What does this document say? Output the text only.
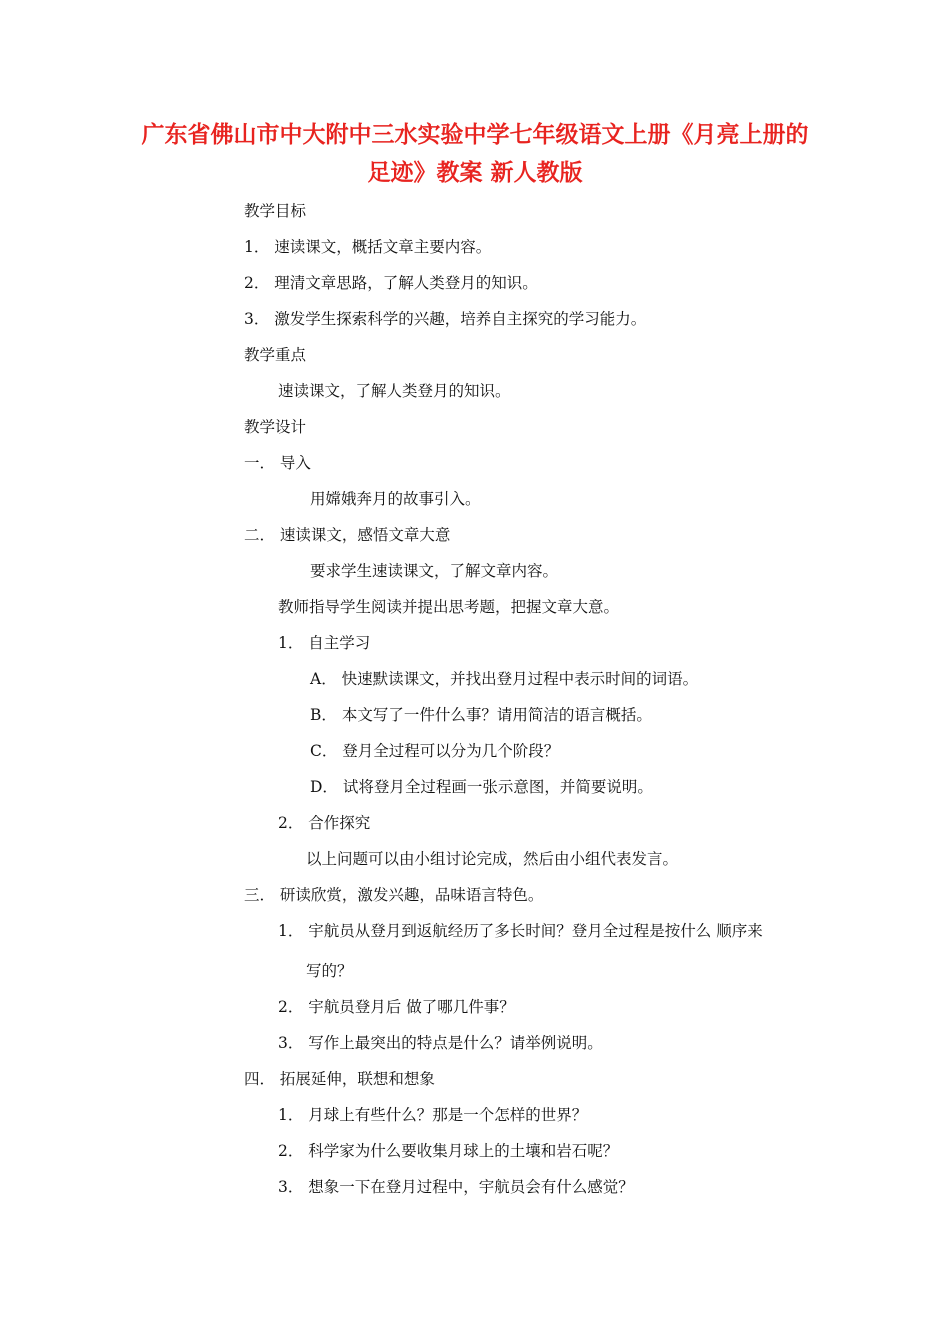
广东省佛山市中大附中三水实验中学七年级语文上册《月亮上册的
足迹》教案 新人教版

教学目标

1． 速读课文，概括文章主要内容。

2． 理清文章思路，了解人类登月的知识。

3． 激发学生探索科学的兴趣，培养自主探究的学习能力。

教学重点

速读课文，了解人类登月的知识。

教学设计

一． 导入

用嫦娥奔月的故事引入。

二． 速读课文，感悟文章大意

要求学生速读课文，了解文章内容。

教师指导学生阅读并提出思考题，把握文章大意。

1． 自主学习

A． 快速默读课文，并找出登月过程中表示时间的词语。

B． 本文写了一件什么事？请用简洁的语言概括。

C． 登月全过程可以分为几个阶段？

D． 试将登月全过程画一张示意图，并简要说明。

2． 合作探究

以上问题可以由小组讨论完成，然后由小组代表发言。

三． 研读欣赏，激发兴趣，品味语言特色。

1． 宇航员从登月到返航经历了多长时间？登月全过程是按什么 顺序来

写的？

2． 宇航员登月后 做了哪几件事？

3． 写作上最突出的特点是什么？请举例说明。

四． 拓展延伸，联想和想象

1． 月球上有些什么？那是一个怎样的世界？

2． 科学家为什么要收集月球上的土壤和岩石呢？

3． 想象一下在登月过程中，宇航员会有什么感觉？
